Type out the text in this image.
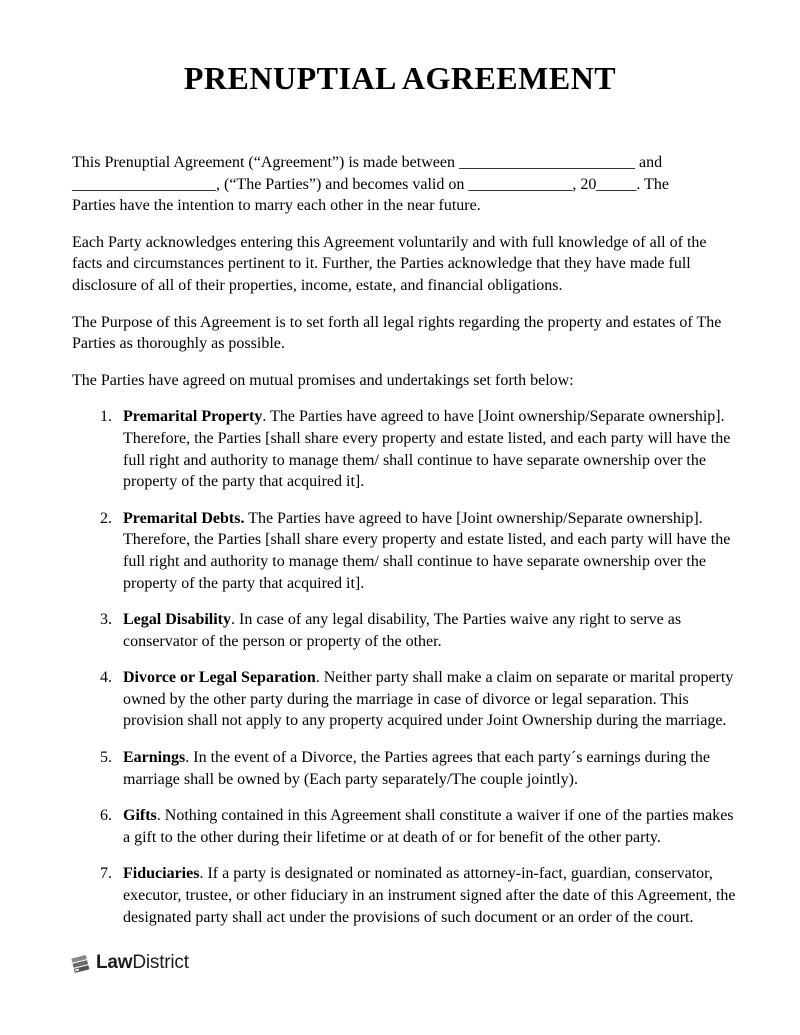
PRENUPTIAL AGREEMENT
This Prenuptial Agreement (“Agreement”) is made between ______________________ and
__________________, (“The Parties”) and becomes valid on _____________, 20_____. The
Parties have the intention to marry each other in the near future.
Each Party acknowledges entering this Agreement voluntarily and with full knowledge of all of the
facts and circumstances pertinent to it. Further, the Parties acknowledge that they have made full
disclosure of all of their properties, income, estate, and financial obligations.
The Purpose of this Agreement is to set forth all legal rights regarding the property and estates of The
Parties as thoroughly as possible.
The Parties have agreed on mutual promises and undertakings set forth below:
1. Premarital Property. The Parties have agreed to have [Joint ownership/Separate ownership].
Therefore, the Parties [shall share every property and estate listed, and each party will have the
full right and authority to manage them/ shall continue to have separate ownership over the
property of the party that acquired it].
2. Premarital Debts. The Parties have agreed to have [Joint ownership/Separate ownership].
Therefore, the Parties [shall share every property and estate listed, and each party will have the
full right and authority to manage them/ shall continue to have separate ownership over the
property of the party that acquired it].
3. Legal Disability. In case of any legal disability, The Parties waive any right to serve as
conservator of the person or property of the other.
4. Divorce or Legal Separation. Neither party shall make a claim on separate or marital property
owned by the other party during the marriage in case of divorce or legal separation. This
provision shall not apply to any property acquired under Joint Ownership during the marriage.
5. Earnings. In the event of a Divorce, the Parties agrees that each party´s earnings during the
marriage shall be owned by (Each party separately/The couple jointly).
6. Gifts. Nothing contained in this Agreement shall constitute a waiver if one of the parties makes
a gift to the other during their lifetime or at death of or for benefit of the other party.
7. Fiduciaries. If a party is designated or nominated as attorney-in-fact, guardian, conservator,
executor, trustee, or other fiduciary in an instrument signed after the date of this Agreement, the
designated party shall act under the provisions of such document or an order of the court.
LawDistrict
